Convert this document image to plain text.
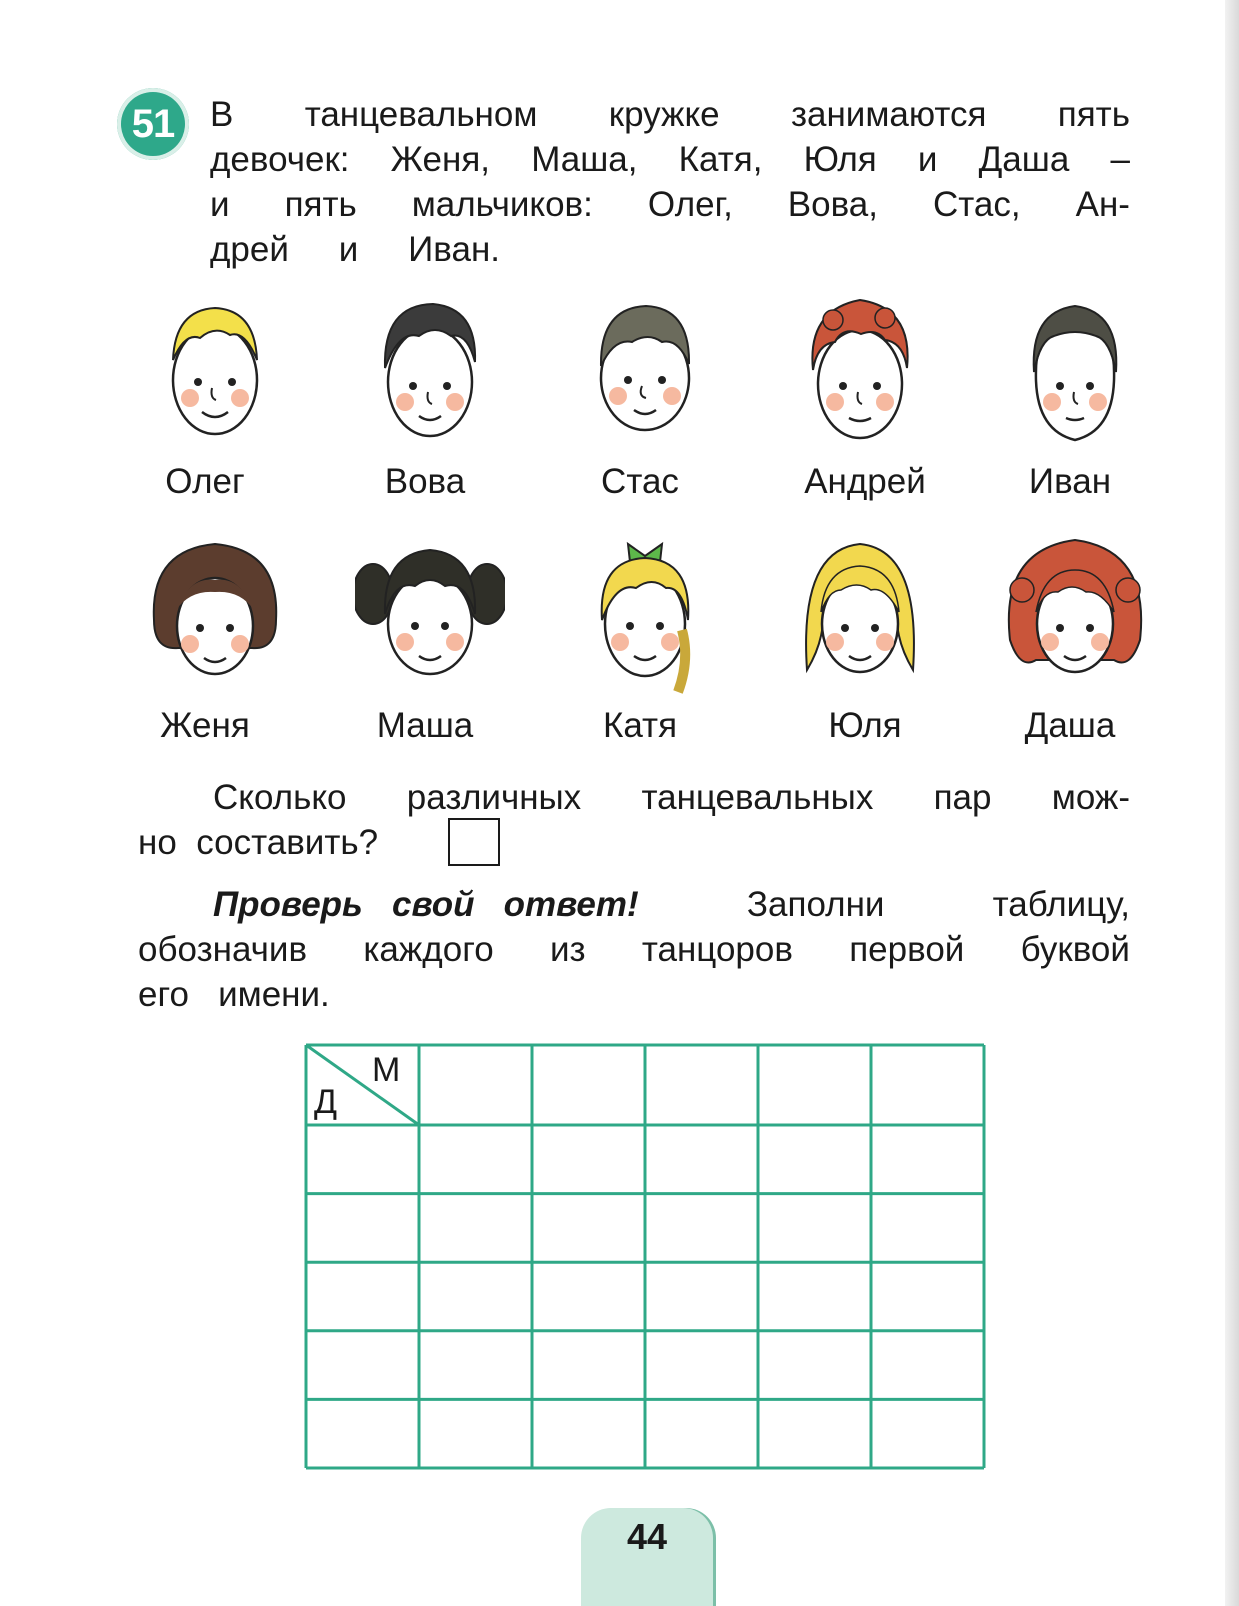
51 В танцевальном кружке занимаются пять
девочек: Женя, Маша, Катя, Юля и Даша –
и пять мальчиков: Олег, Вова, Стас, Ан-
дрей и Иван.
Олег	Вова	Стас	Андрей	Иван
Женя	Маша	Катя	Юля	Даша
Сколько различных танцевальных пар мож-
но  составить?
Проверь   свой   ответ!	Заполни	таблицу,
обозначив каждого из танцоров первой буквой
его   имени.
М
Д
44
